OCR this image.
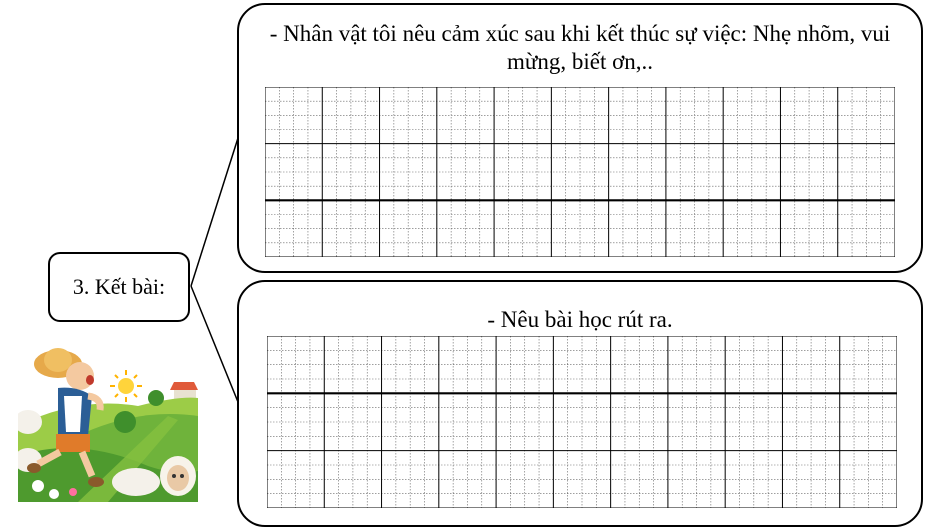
3. Kết bài:
- Nhân vật tôi nêu cảm xúc sau khi kết thúc sự việc: Nhẹ nhõm, vui mừng, biết ơn,..
- Nêu bài học rút ra.
